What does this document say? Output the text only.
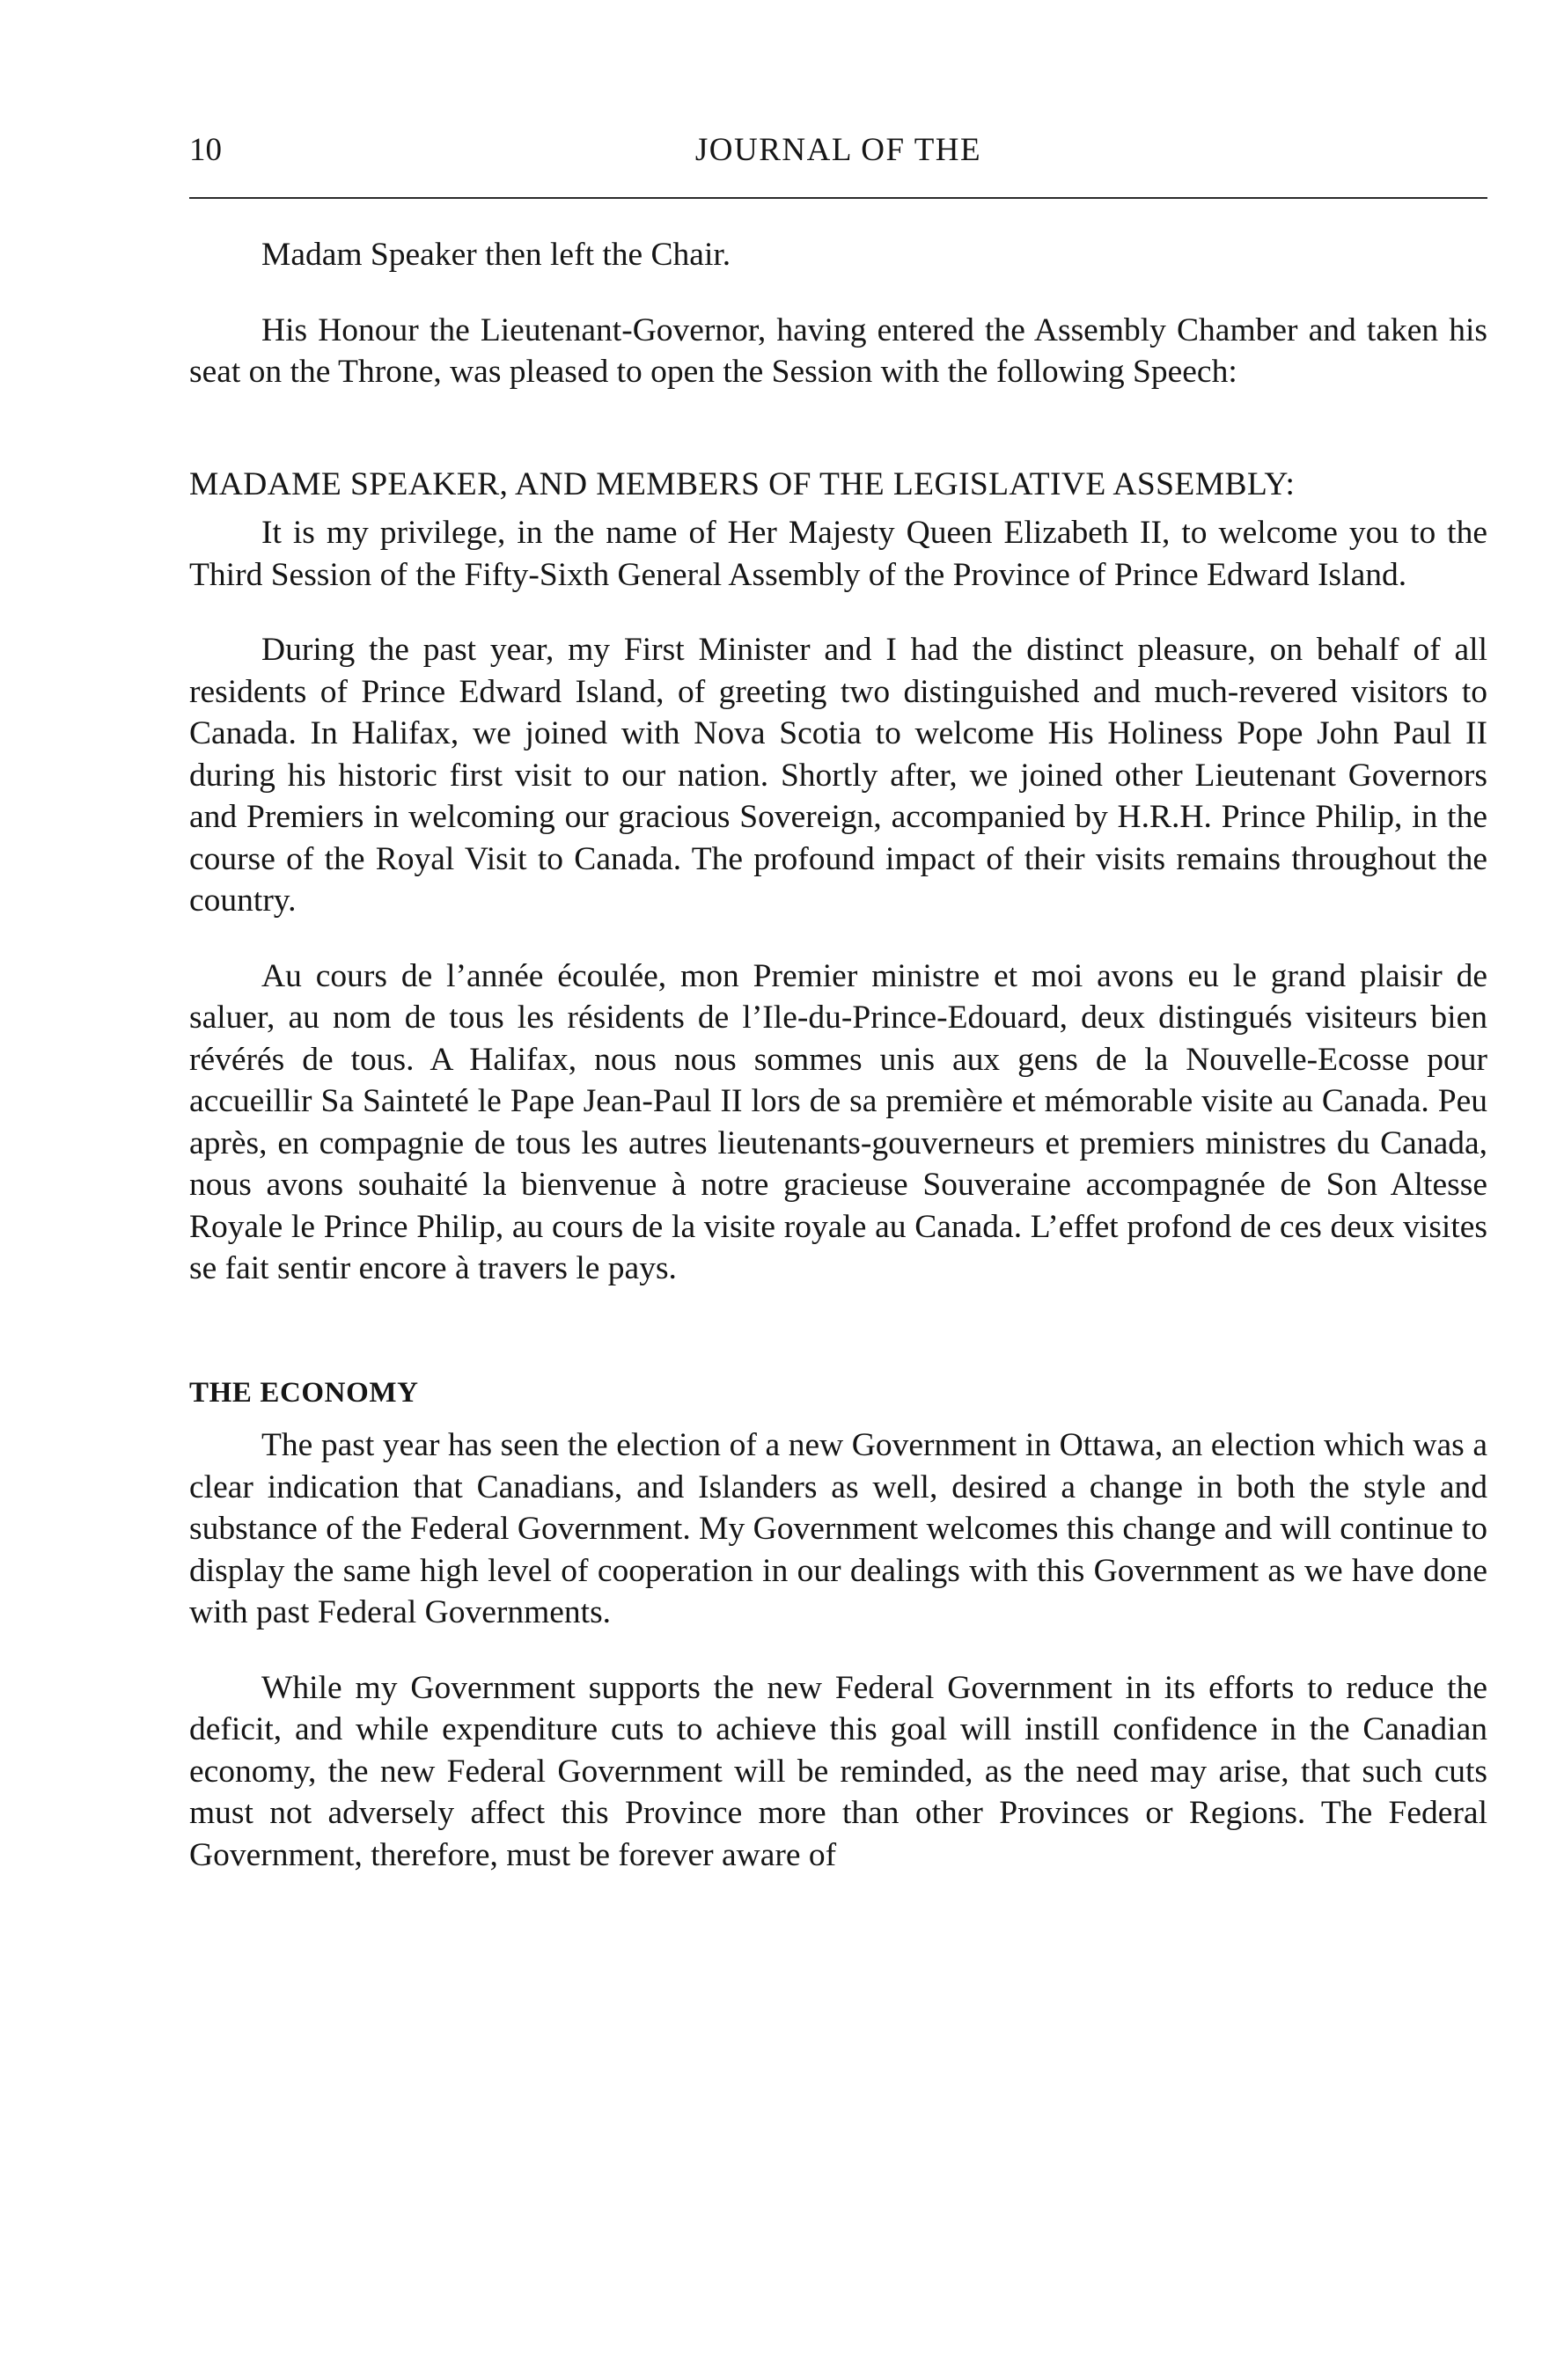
10	JOURNAL OF THE

Madam Speaker then left the Chair.

His Honour the Lieutenant-Governor, having entered the Assembly Chamber and taken his seat on the Throne, was pleased to open the Session with the following Speech:

MADAME SPEAKER, AND MEMBERS OF THE LEGISLATIVE ASSEMBLY:

It is my privilege, in the name of Her Majesty Queen Elizabeth II, to welcome you to the Third Session of the Fifty-Sixth General Assembly of the Province of Prince Edward Island.

During the past year, my First Minister and I had the distinct pleasure, on behalf of all residents of Prince Edward Island, of greeting two distinguished and much-revered visitors to Canada. In Halifax, we joined with Nova Scotia to welcome His Holiness Pope John Paul II during his historic first visit to our nation. Shortly after, we joined other Lieutenant Governors and Premiers in welcoming our gracious Sovereign, accompanied by H.R.H. Prince Philip, in the course of the Royal Visit to Canada. The profound impact of their visits remains throughout the country.

Au cours de l’année écoulée, mon Premier ministre et moi avons eu le grand plaisir de saluer, au nom de tous les résidents de l’Ile-du-Prince-Edouard, deux distingués visiteurs bien révérés de tous. A Halifax, nous nous sommes unis aux gens de la Nouvelle-Ecosse pour accueillir Sa Sainteté le Pape Jean-Paul II lors de sa première et mémorable visite au Canada. Peu après, en compagnie de tous les autres lieutenants-gouverneurs et premiers ministres du Canada, nous avons souhaité la bienvenue à notre gracieuse Souveraine accompagnée de Son Altesse Royale le Prince Philip, au cours de la visite royale au Canada. L’effet profond de ces deux visites se fait sentir encore à travers le pays.

THE ECONOMY

The past year has seen the election of a new Government in Ottawa, an election which was a clear indication that Canadians, and Islanders as well, desired a change in both the style and substance of the Federal Government. My Government welcomes this change and will continue to display the same high level of cooperation in our dealings with this Government as we have done with past Federal Governments.

While my Government supports the new Federal Government in its efforts to reduce the deficit, and while expenditure cuts to achieve this goal will instill confidence in the Canadian economy, the new Federal Government will be reminded, as the need may arise, that such cuts must not adversely affect this Province more than other Provinces or Regions. The Federal Government, therefore, must be forever aware of
